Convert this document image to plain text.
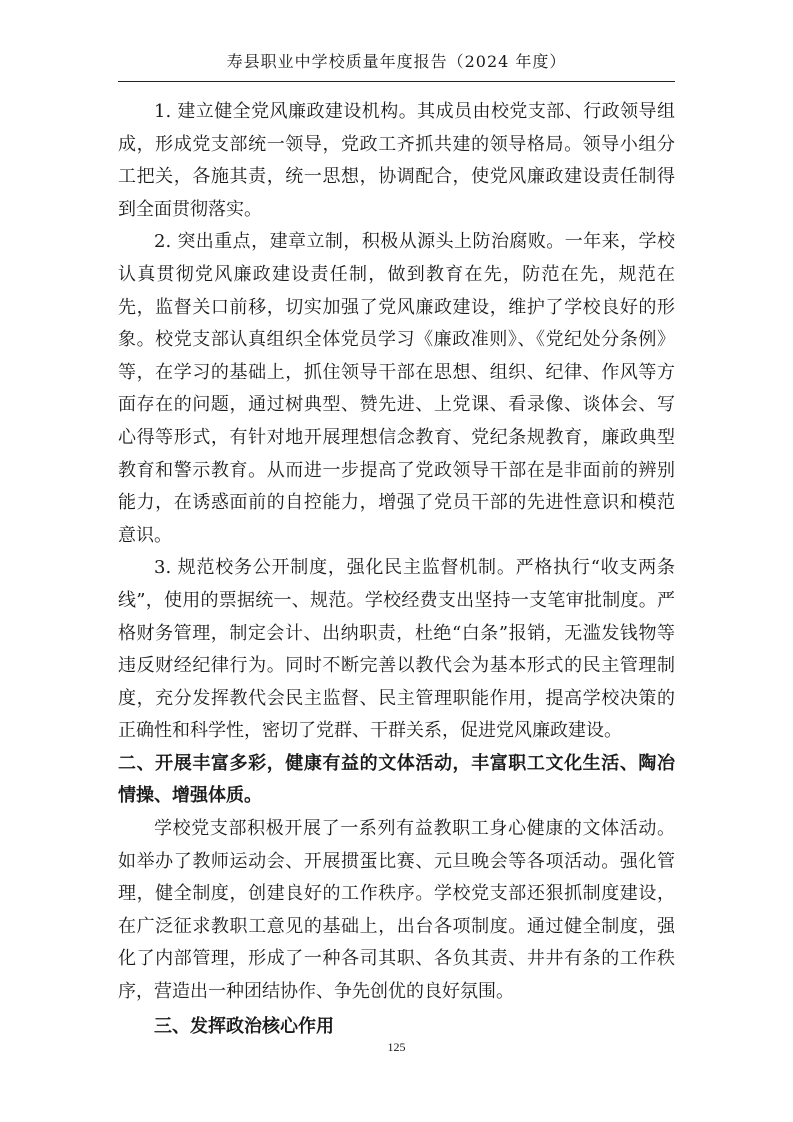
寿县职业中学校质量年度报告（2024 年度）

1. 建立健全党风廉政建设机构。其成员由校党支部、行政领导组成，形成党支部统一领导，党政工齐抓共建的领导格局。领导小组分工把关，各施其责，统一思想，协调配合，使党风廉政建设责任制得到全面贯彻落实。

2. 突出重点，建章立制，积极从源头上防治腐败。一年来，学校认真贯彻党风廉政建设责任制，做到教育在先，防范在先，规范在先，监督关口前移，切实加强了党风廉政建设，维护了学校良好的形象。校党支部认真组织全体党员学习《廉政准则》、《党纪处分条例》等，在学习的基础上，抓住领导干部在思想、组织、纪律、作风等方面存在的问题，通过树典型、赞先进、上党课、看录像、谈体会、写心得等形式，有针对地开展理想信念教育、党纪条规教育，廉政典型教育和警示教育。从而进一步提高了党政领导干部在是非面前的辨别能力，在诱惑面前的自控能力，增强了党员干部的先进性意识和模范意识。

3. 规范校务公开制度，强化民主监督机制。严格执行“收支两条线”，使用的票据统一、规范。学校经费支出坚持一支笔审批制度。严格财务管理，制定会计、出纳职责，杜绝“白条”报销，无滥发钱物等违反财经纪律行为。同时不断完善以教代会为基本形式的民主管理制度，充分发挥教代会民主监督、民主管理职能作用，提高学校决策的正确性和科学性，密切了党群、干群关系，促进党风廉政建设。

二、开展丰富多彩，健康有益的文体活动，丰富职工文化生活、陶冶情操、增强体质。

学校党支部积极开展了一系列有益教职工身心健康的文体活动。如举办了教师运动会、开展掼蛋比赛、元旦晚会等各项活动。强化管理，健全制度，创建良好的工作秩序。学校党支部还狠抓制度建设，在广泛征求教职工意见的基础上，出台各项制度。通过健全制度，强化了内部管理，形成了一种各司其职、各负其责、井井有条的工作秩序，营造出一种团结协作、争先创优的良好氛围。

三、发挥政治核心作用

125
